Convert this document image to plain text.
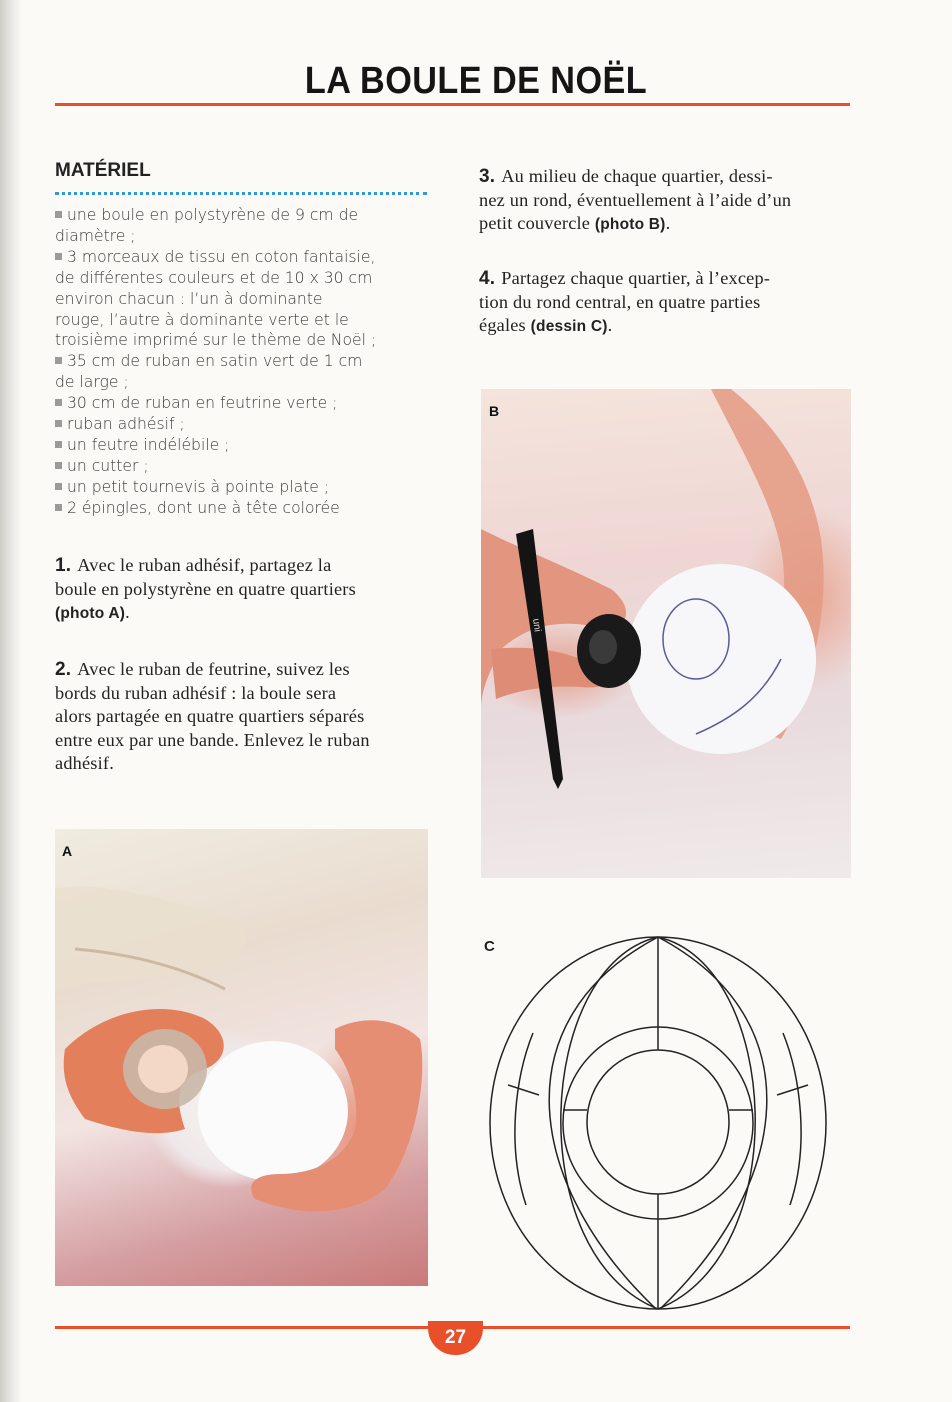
LA BOULE DE NOËL
MATÉRIEL
une boule en polystyrène de 9 cm de
diamètre ;
3 morceaux de tissu en coton fantaisie,
de différentes couleurs et de 10 x 30 cm
environ chacun : l’un à dominante
rouge, l’autre à dominante verte et le
troisième imprimé sur le thème de Noël ;
35 cm de ruban en satin vert de 1 cm
de large ;
30 cm de ruban en feutrine verte ;
ruban adhésif ;
un feutre indélébile ;
un cutter ;
un petit tournevis à pointe plate ;
2 épingles, dont une à tête colorée

1. Avec le ruban adhésif, partagez la
boule en polystyrène en quatre quartiers
(photo A).

2. Avec le ruban de feutrine, suivez les
bords du ruban adhésif : la boule sera
alors partagée en quatre quartiers séparés
entre eux par une bande. Enlevez le ruban
adhésif.

3. Au milieu de chaque quartier, dessi-
nez un rond, éventuellement à l’aide d’un
petit couvercle (photo B).

4. Partagez chaque quartier, à l’excep-
tion du rond central, en quatre parties
égales (dessin C).

uni
B
A
C
27
